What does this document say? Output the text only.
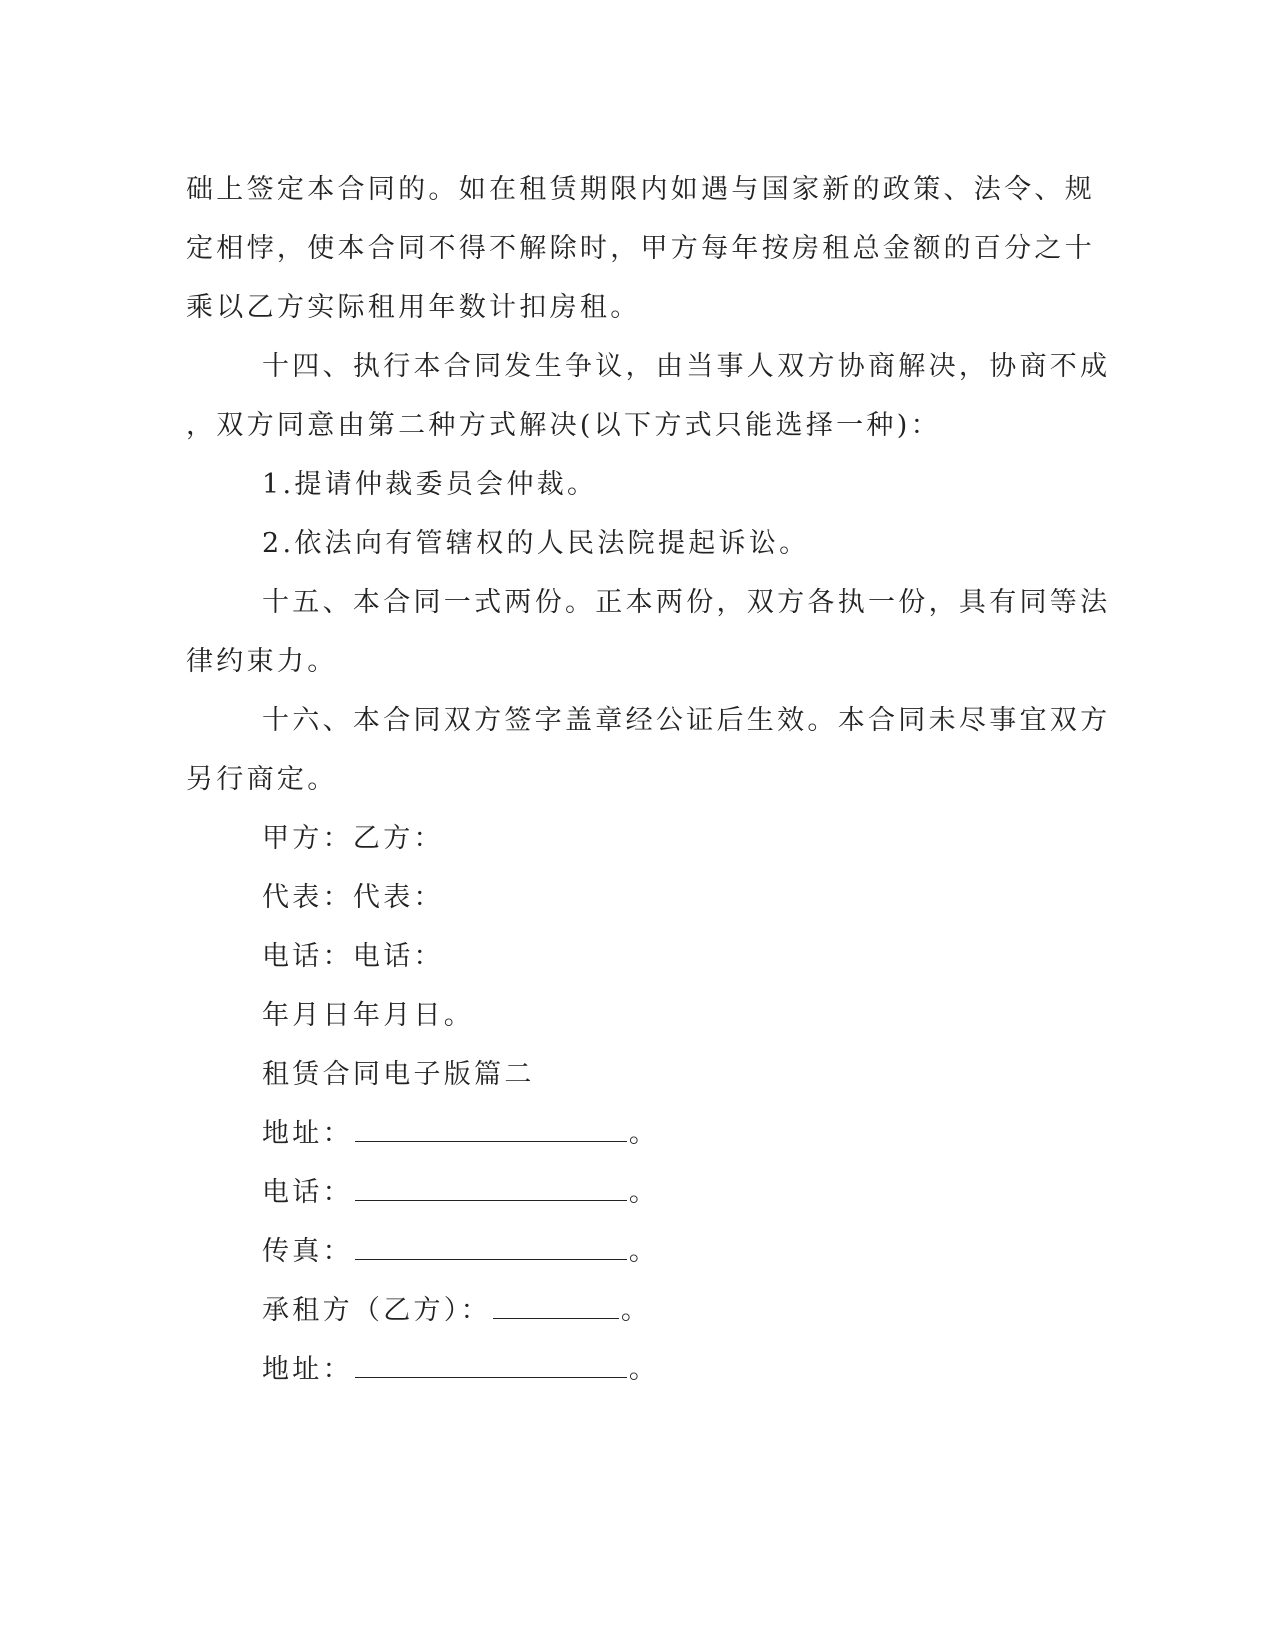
础上签定本合同的。如在租赁期限内如遇与国家新的政策、法令、规
定相悖，使本合同不得不解除时，甲方每年按房租总金额的百分之十
乘以乙方实际租用年数计扣房租。
十四、执行本合同发生争议，由当事人双方协商解决，协商不成
，双方同意由第二种方式解决(以下方式只能选择一种)：
1.提请仲裁委员会仲裁。
2.依法向有管辖权的人民法院提起诉讼。
十五、本合同一式两份。正本两份，双方各执一份，具有同等法
律约束力。
十六、本合同双方签字盖章经公证后生效。本合同未尽事宜双方
另行商定。
甲方：乙方：
代表：代表：
电话：电话：
年月日年月日。
租赁合同电子版篇二
地址：	。
电话：	。
传真：	。
承租方（乙方）：	。
地址：	。
